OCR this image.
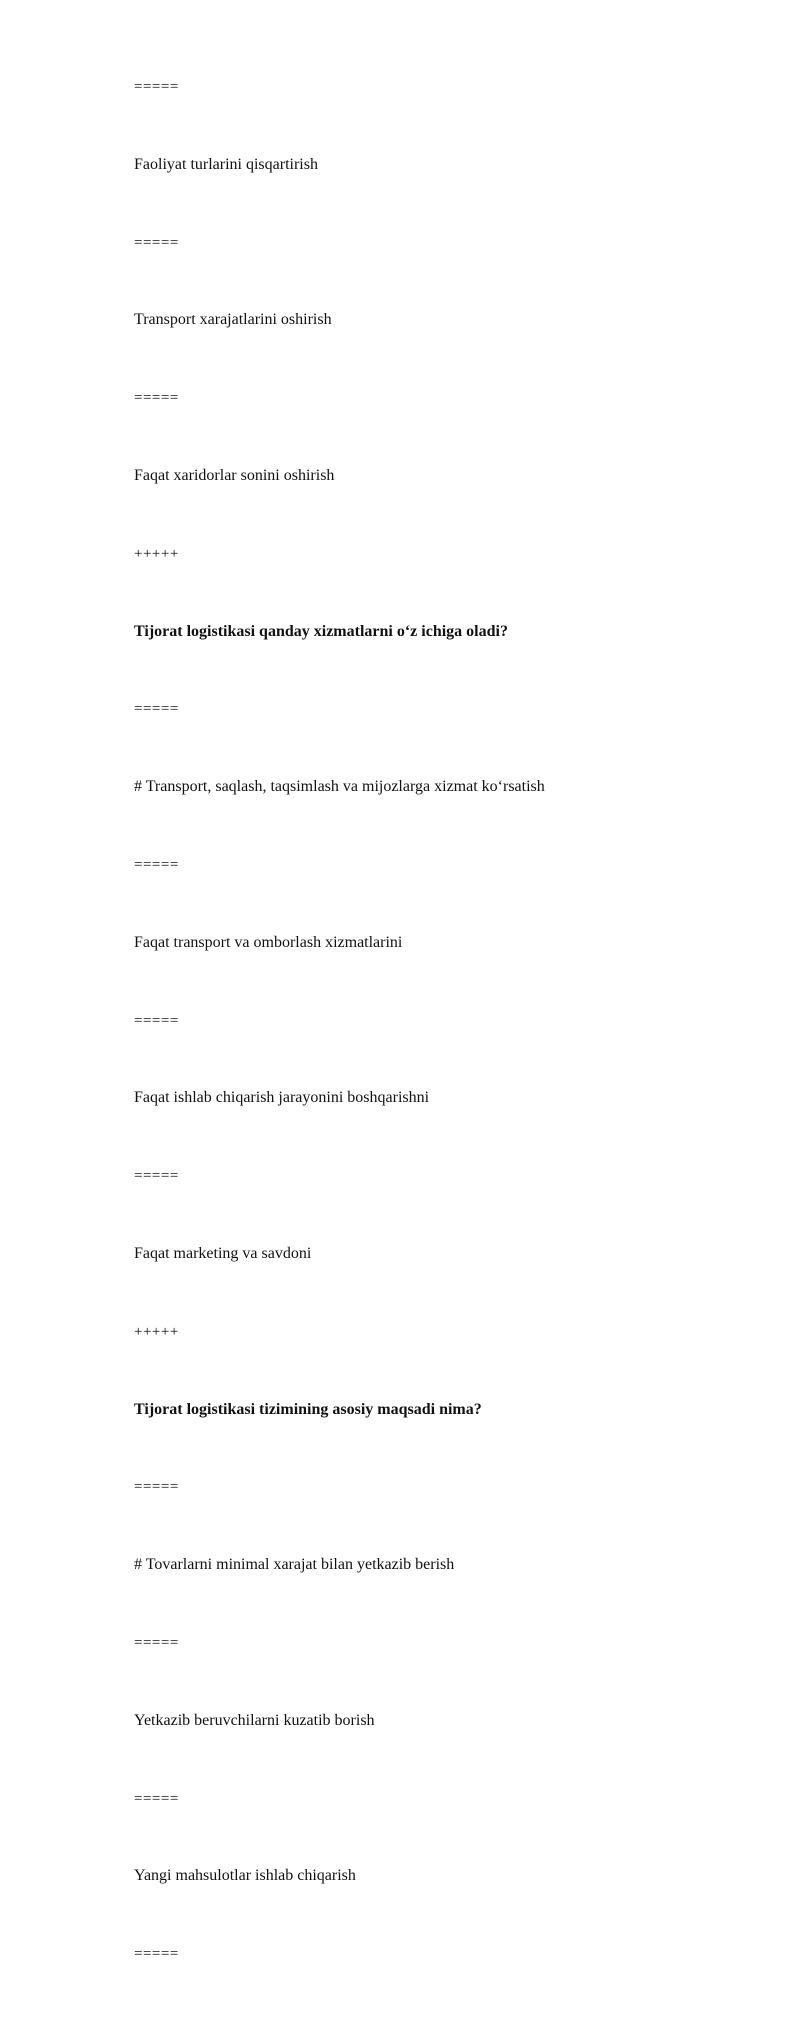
=====

Faoliyat turlarini qisqartirish

=====

Transport xarajatlarini oshirish

=====

Faqat xaridorlar sonini oshirish

+++++

Tijorat logistikasi qanday xizmatlarni o‘z ichiga oladi?

=====

# Transport, saqlash, taqsimlash va mijozlarga xizmat ko‘rsatish

=====

Faqat transport va omborlash xizmatlarini

=====

Faqat ishlab chiqarish jarayonini boshqarishni

=====

Faqat marketing va savdoni

+++++

Tijorat logistikasi tizimining asosiy maqsadi nima?

=====

# Tovarlarni minimal xarajat bilan yetkazib berish

=====

Yetkazib beruvchilarni kuzatib borish

=====

Yangi mahsulotlar ishlab chiqarish

=====
